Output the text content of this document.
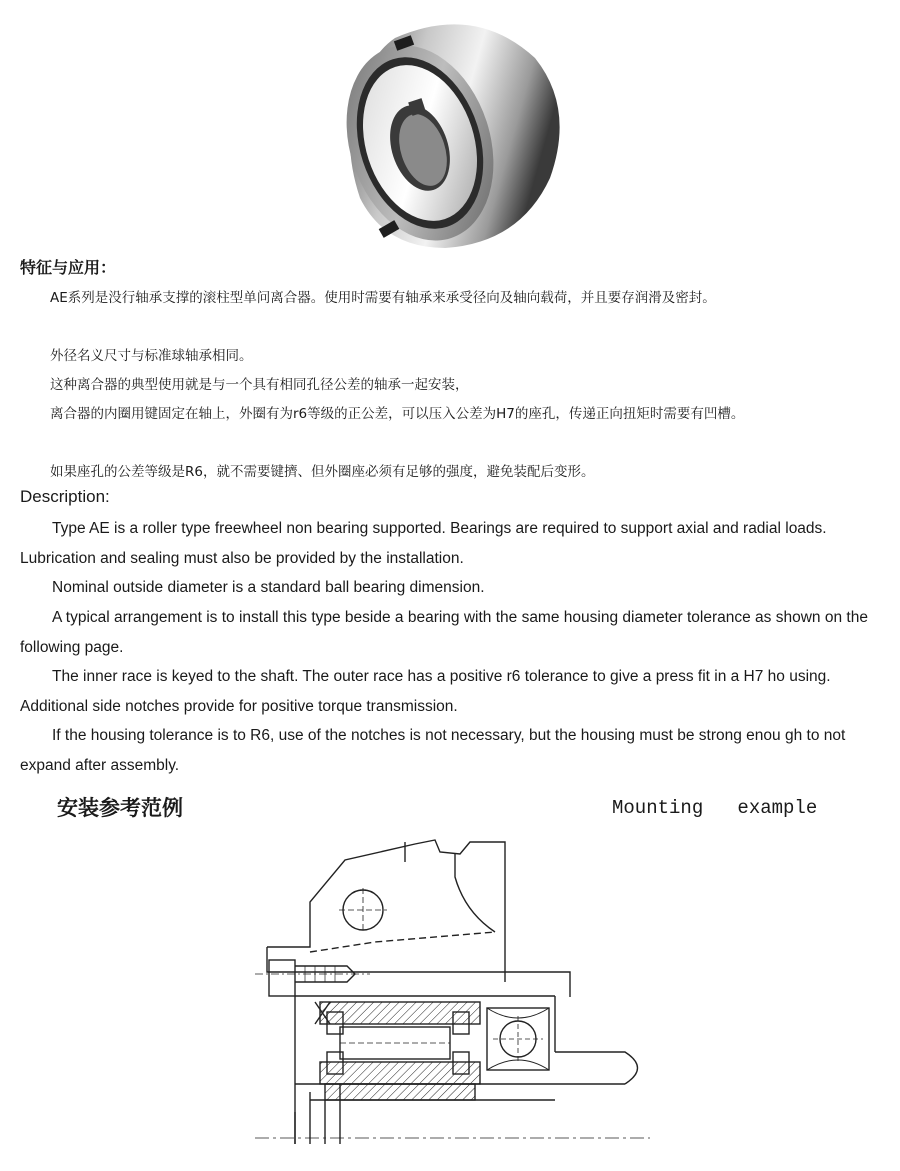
特征与应用：
AE系列是没行轴承支撑的滚柱型单问离合器。使用时需要有轴承来承受径向及轴向载荷，并且要存润滑及密封。
外径名义尺寸与标准球轴承相同。
这种离合器的典型使用就是与一个具有相同孔径公差的轴承一起安装，
离合器的内圈用键固定在轴上，外圈有为r6等级的正公差，可以压入公差为H7的座孔，传递正向扭矩时需要有凹槽。
如果座孔的公差等级是R6，就不需要键擠、但外圈座必须有足够的强度，避免装配后变形。
Description:
Type AE is a roller type freewheel non bearing supported. Bearings are required to support axial and radial loads. Lubrication and sealing must also be provided by the installation.
Nominal outside diameter is a standard ball bearing dimension.
A typical arrangement is to install this type beside a bearing with the same housing diameter tolerance as shown on the following page.
The inner race is keyed to the shaft. The outer race has a positive r6 tolerance to give a press fit in a H7 ho using. Additional side notches provide for positive torque transmission.
If the housing tolerance is to R6, use of the notches is not necessary, but the housing must be strong enou gh to not expand after assembly.
安装参考范例	Mounting   example
